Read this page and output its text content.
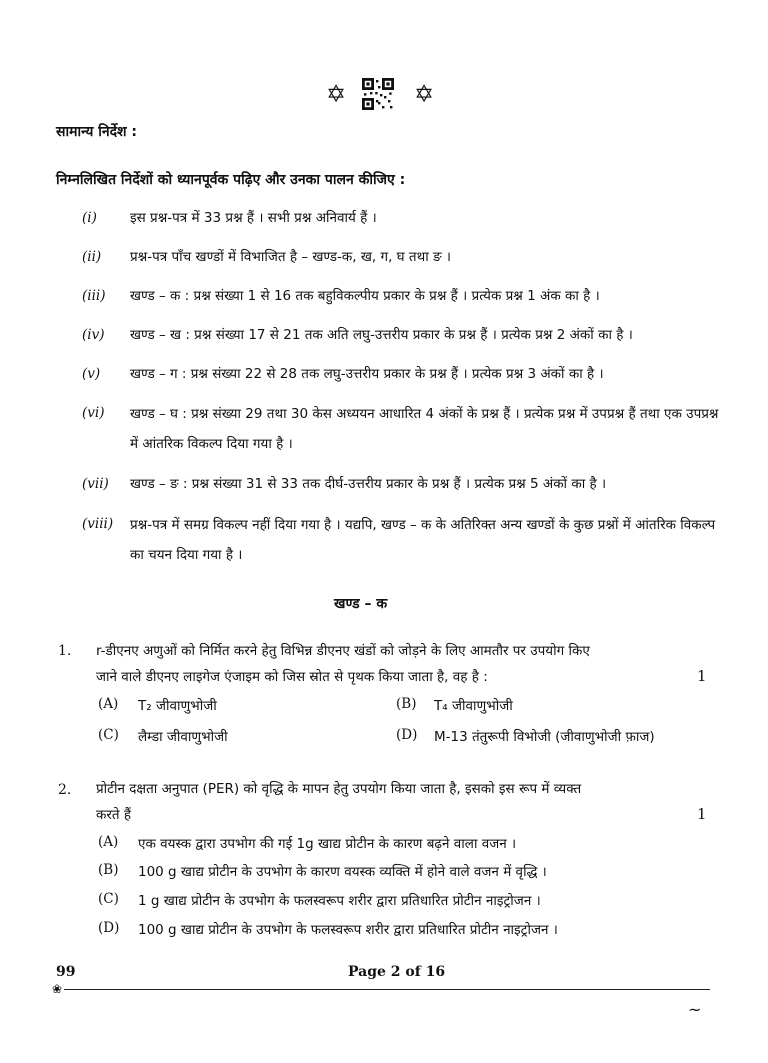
✡	✡
सामान्य निर्देश :
निम्नलिखित निर्देशों को ध्यानपूर्वक पढ़िए और उनका पालन कीजिए :
(i)	इस प्रश्न-पत्र में 33 प्रश्न हैं । सभी प्रश्न अनिवार्य हैं ।
(ii)	प्रश्न-पत्र पाँच खण्डों में विभाजित है – खण्ड-क, ख, ग, घ तथा ङ ।
(iii)	खण्ड – क : प्रश्न संख्या 1 से 16 तक बहुविकल्पीय प्रकार के प्रश्न हैं । प्रत्येक प्रश्न 1 अंक का है ।
(iv)	खण्ड – ख : प्रश्न संख्या 17 से 21 तक अति लघु-उत्तरीय प्रकार के प्रश्न हैं । प्रत्येक प्रश्न 2 अंकों का है ।
(v)	खण्ड – ग : प्रश्न संख्या 22 से 28 तक लघु-उत्तरीय प्रकार के प्रश्न हैं । प्रत्येक प्रश्न 3 अंकों का है ।
(vi)	खण्ड – घ : प्रश्न संख्या 29 तथा 30 केस अध्ययन आधारित 4 अंकों के प्रश्न हैं । प्रत्येक प्रश्न में उपप्रश्न हैं तथा एक उपप्रश्न में आंतरिक विकल्प दिया गया है ।
(vii)	खण्ड – ङ : प्रश्न संख्या 31 से 33 तक दीर्घ-उत्तरीय प्रकार के प्रश्न हैं । प्रत्येक प्रश्न 5 अंकों का है ।
(viii)	प्रश्न-पत्र में समग्र विकल्प नहीं दिया गया है । यद्यपि, खण्ड – क के अतिरिक्त अन्य खण्डों के कुछ प्रश्नों में आंतरिक विकल्प का चयन दिया गया है ।
खण्ड – क
1. r-डीएनए अणुओं को निर्मित करने हेतु विभिन्न डीएनए खंडों को जोड़ने के लिए आमतौर पर उपयोग किए
जाने वाले डीएनए लाइगेज एंजाइम को जिस स्रोत से पृथक किया जाता है, वह है :	1
(A) T₂ जीवाणुभोजी	(B) T₄ जीवाणुभोजी
(C) लैम्डा जीवाणुभोजी	(D) M-13 तंतुरूपी विभोजी (जीवाणुभोजी फ़ाज)
2. प्रोटीन दक्षता अनुपात (PER) को वृद्धि के मापन हेतु उपयोग किया जाता है, इसको इस रूप में व्यक्त
करते हैं	1
(A) एक वयस्क द्वारा उपभोग की गई 1g खाद्य प्रोटीन के कारण बढ़ने वाला वजन ।
(B) 100 g खाद्य प्रोटीन के उपभोग के कारण वयस्क व्यक्ति में होने वाले वजन में वृद्धि ।
(C) 1 g खाद्य प्रोटीन के उपभोग के फलस्वरूप शरीर द्वारा प्रतिधारित प्रोटीन नाइट्रोजन ।
(D) 100 g खाद्य प्रोटीन के उपभोग के फलस्वरूप शरीर द्वारा प्रतिधारित प्रोटीन नाइट्रोजन ।
99	Page 2 of 16
❀
~
